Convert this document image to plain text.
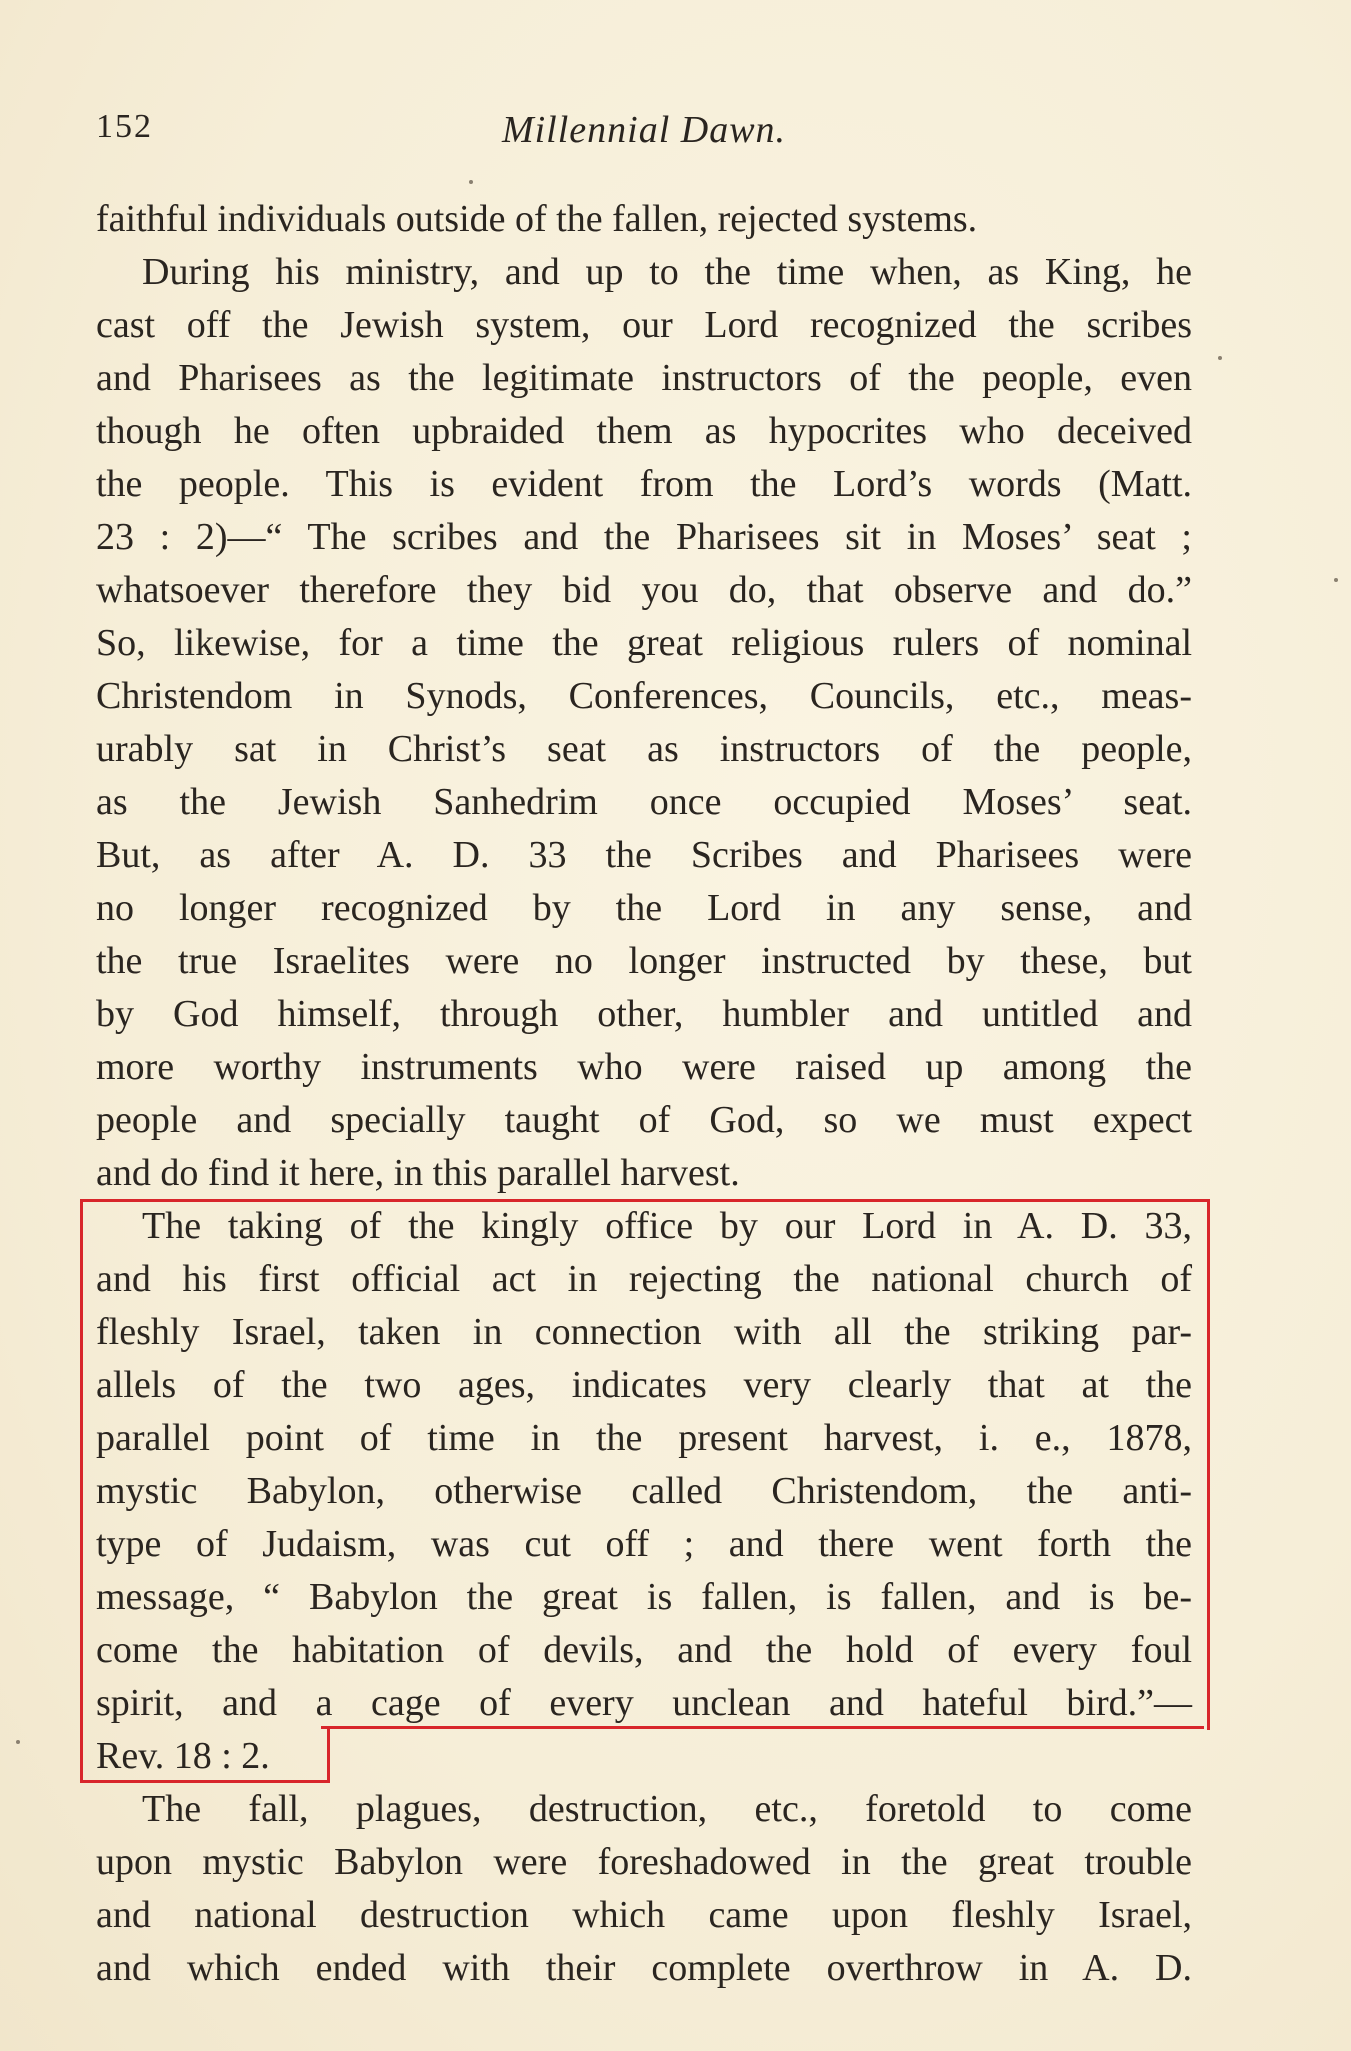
152	Millennial Dawn.
faithful individuals outside of the fallen, rejected systems.
During his ministry, and up to the time when, as King, he
cast off the Jewish system, our Lord recognized the scribes
and Pharisees as the legitimate instructors of the people, even
though he often upbraided them as hypocrites who deceived
the people. This is evident from the Lord’s words (Matt.
23 : 2)—“ The scribes and the Pharisees sit in Moses’ seat ;
whatsoever therefore they bid you do, that observe and do.”
So, likewise, for a time the great religious rulers of nominal
Christendom in Synods, Conferences, Councils, etc., meas-
urably sat in Christ’s seat as instructors of the people,
as the Jewish Sanhedrim once occupied Moses’ seat.
But, as after A. D. 33 the Scribes and Pharisees were
no longer recognized by the Lord in any sense, and
the true Israelites were no longer instructed by these, but
by God himself, through other, humbler and untitled and
more worthy instruments who were raised up among the
people and specially taught of God, so we must expect
and do find it here, in this parallel harvest.
The taking of the kingly office by our Lord in A. D. 33,
and his first official act in rejecting the national church of
fleshly Israel, taken in connection with all the striking par-
allels of the two ages, indicates very clearly that at the
parallel point of time in the present harvest, i. e., 1878,
mystic Babylon, otherwise called Christendom, the anti-
type of Judaism, was cut off ; and there went forth the
message, “ Babylon the great is fallen, is fallen, and is be-
come the habitation of devils, and the hold of every foul
spirit, and a cage of every unclean and hateful bird.”—
Rev. 18 : 2.
The fall, plagues, destruction, etc., foretold to come
upon mystic Babylon were foreshadowed in the great trouble
and national destruction which came upon fleshly Israel,
and which ended with their complete overthrow in A. D.
